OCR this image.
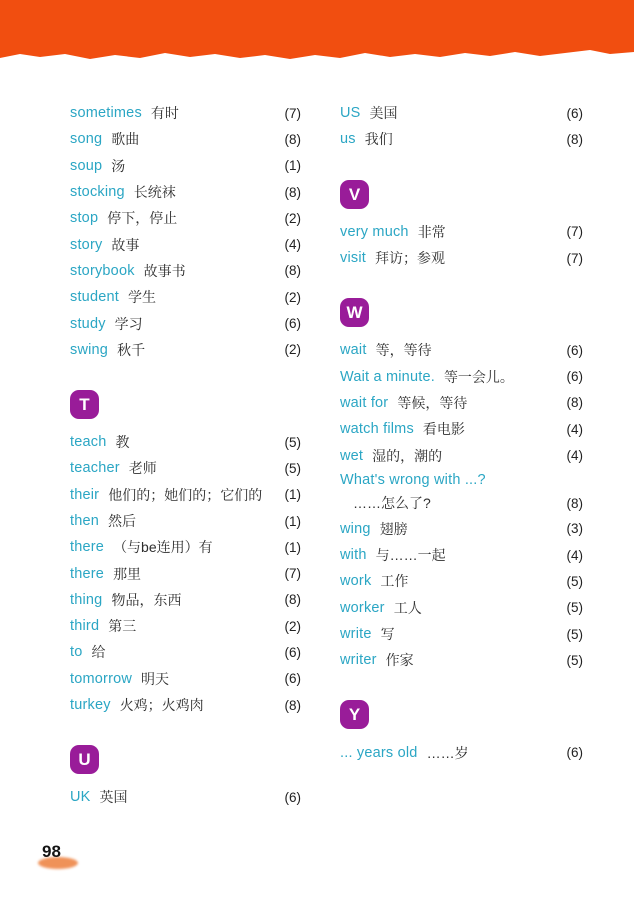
sometimes 有时	(7)
song 歌曲	(8)
soup 汤	(1)
stocking 长统袜	(8)
stop 停下，停止	(2)
story 故事	(4)
storybook 故事书	(8)
student 学生	(2)
study 学习	(6)
swing 秋千	(2)
T
teach 教	(5)
teacher 老师	(5)
their 他们的；她们的；它们的	(1)
then 然后	(1)
there （与be连用）有	(1)
there 那里	(7)
thing 物品，东西	(8)
third 第三	(2)
to 给	(6)
tomorrow 明天	(6)
turkey 火鸡；火鸡肉	(8)
U
UK 英国	(6)
US 美国	(6)
us 我们	(8)
V
very much 非常	(7)
visit 拜访；参观	(7)
W
wait 等，等待	(6)
Wait a minute. 等一会儿。	(6)
wait for 等候，等待	(8)
watch films 看电影	(4)
wet 湿的，潮的	(4)
What's wrong with ...?
……怎么了?	(8)
wing 翅膀	(3)
with 与……一起	(4)
work 工作	(5)
worker 工人	(5)
write 写	(5)
writer 作家	(5)
Y
... years old ……岁	(6)
98
